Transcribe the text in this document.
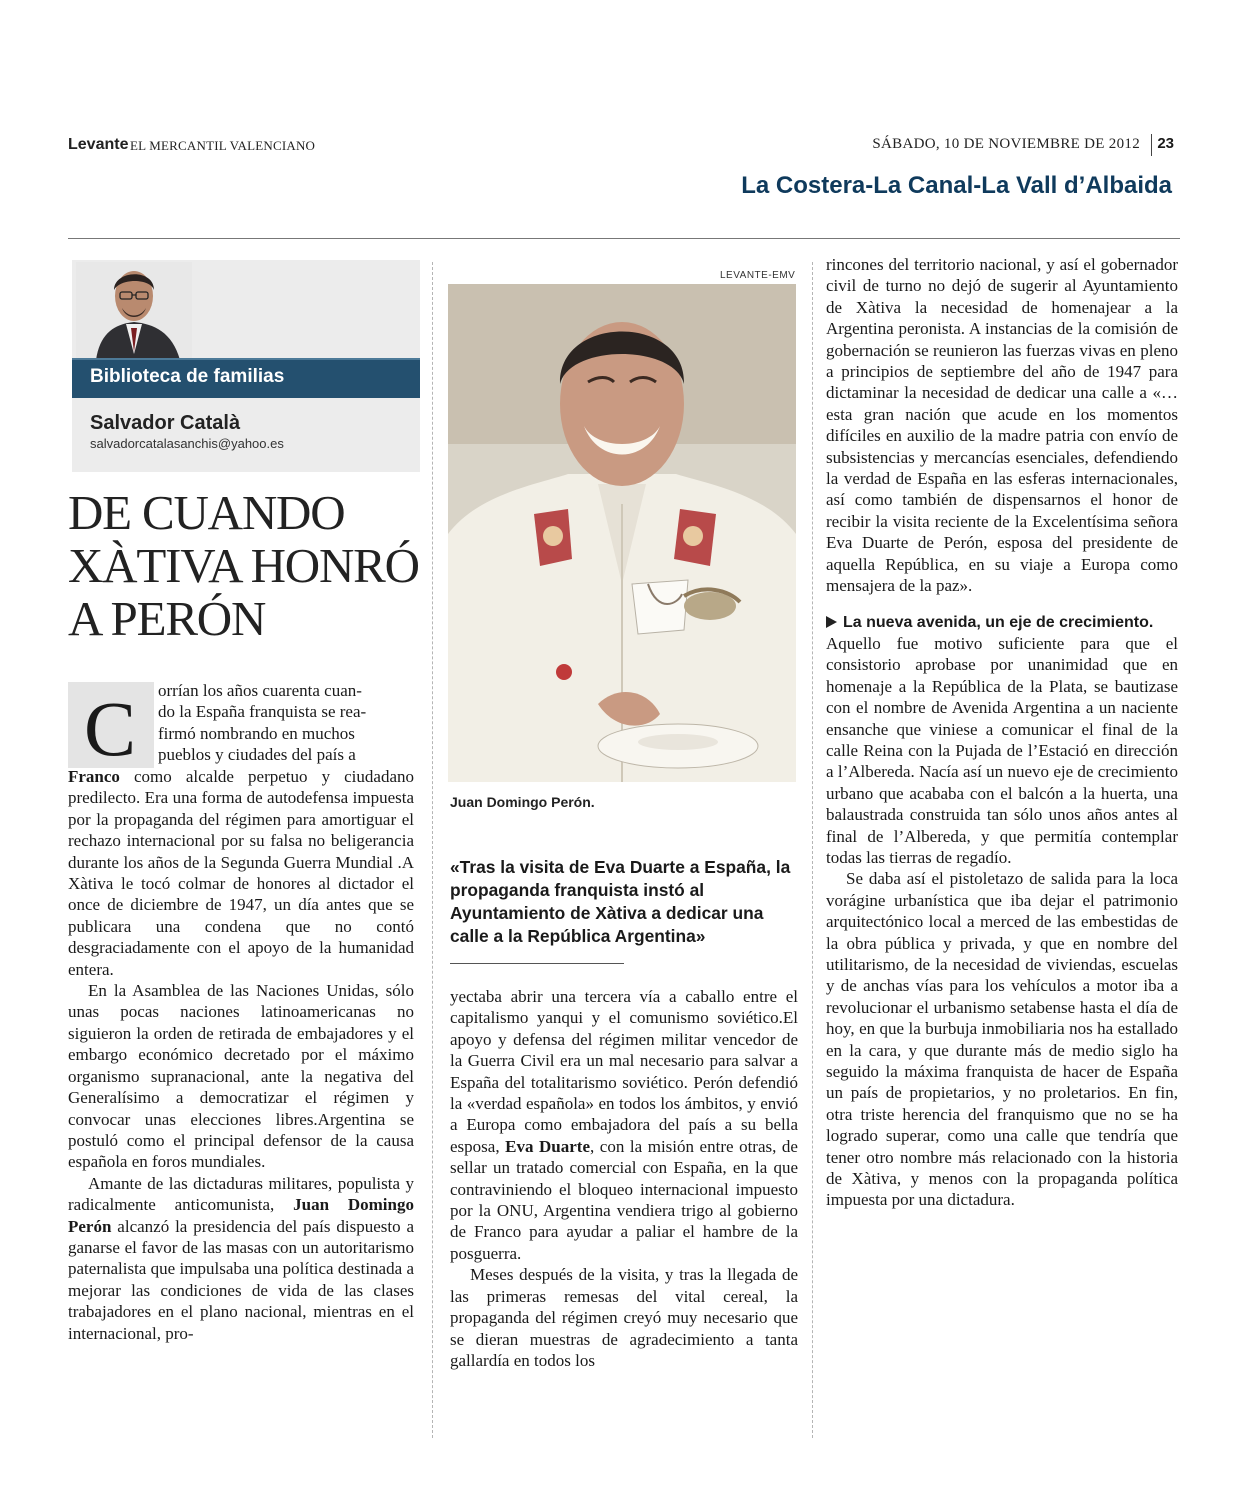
Levante EL MERCANTIL VALENCIANO	SÁBADO, 10 DE NOVIEMBRE DE 2012 23
La Costera-La Canal-La Vall d’Albaida
Biblioteca de familias
Salvador Català
salvadorcatalasanchis@yahoo.es
DE CUANDO
XÀTIVA HONRÓ
A PERÓN
C orrían los años cuarenta cuan-
do la España franquista se rea-
firmó nombrando en muchos
pueblos y ciudades del país a

Franco como alcalde perpetuo y ciudadano predilecto. Era una forma de autodefensa impuesta por la propaganda del régimen para amortiguar el rechazo internacional por su falsa no beligerancia durante los años de la Segunda Guerra Mundial .A Xàtiva le tocó colmar de honores al dictador el once de diciembre de 1947, un día antes que se publicara una condena que no contó desgraciadamente con el apoyo de la humanidad entera.

En la Asamblea de las Naciones Unidas, sólo unas pocas naciones latinoamericanas no siguieron la orden de retirada de embajadores y el embargo económico decretado por el máximo organismo supranacional, ante la negativa del Generalísimo a democratizar el régimen y convocar unas elecciones libres.Argentina se postuló como el principal defensor de la causa española en foros mundiales.

Amante de las dictaduras militares, populista y radicalmente anticomunista, Juan Domingo Perón alcanzó la presidencia del país dispuesto a ganarse el favor de las masas con un autoritarismo paternalista que impulsaba una política destinada a mejorar las condiciones de vida de las clases trabajadores en el plano nacional, mientras en el internacional, pro-

LEVANTE-EMV
Juan Domingo Perón.
«Tras la visita de Eva Duarte a España, la propaganda franquista instó al Ayuntamiento de Xàtiva a dedicar una calle a la República Argentina»

yectaba abrir una tercera vía a caballo entre el capitalismo yanqui y el comunismo soviético.El apoyo y defensa del régimen militar vencedor de la Guerra Civil era un mal necesario para salvar a España del totalitarismo soviético. Perón defendió la «verdad española» en todos los ámbitos, y envió a Europa como embajadora del país a su bella esposa, Eva Duarte, con la misión entre otras, de sellar un tratado comercial con España, en la que contraviniendo el bloqueo internacional impuesto por la ONU, Argentina vendiera trigo al gobierno de Franco para ayudar a paliar el hambre de la posguerra.

Meses después de la visita, y tras la llegada de las primeras remesas del vital cereal, la propaganda del régimen creyó muy necesario que se dieran muestras de agradecimiento a tanta gallardía en todos los

rincones del territorio nacional, y así el gobernador civil de turno no dejó de sugerir al Ayuntamiento de Xàtiva la necesidad de homenajear a la Argentina peronista. A instancias de la comisión de gobernación se reunieron las fuerzas vivas en pleno a principios de septiembre del año de 1947 para dictaminar la necesidad de dedicar una calle a «…esta gran nación que acude en los momentos difíciles en auxilio de la madre patria con envío de subsistencias y mercancías esenciales, defendiendo la verdad de España en las esferas internacionales, así como también de dispensarnos el honor de recibir la visita reciente de la Excelentísima señora Eva Duarte de Perón, esposa del presidente de aquella República, en su viaje a Europa como mensajera de la paz».

La nueva avenida, un eje de crecimiento.

Aquello fue motivo suficiente para que el consistorio aprobase por unanimidad que en homenaje a la República de la Plata, se bautizase con el nombre de Avenida Argentina a un naciente ensanche que viniese a comunicar el final de la calle Reina con la Pujada de l’Estació en dirección a l’Albereda. Nacía así un nuevo eje de crecimiento urbano que acababa con el balcón a la huerta, una balaustrada construida tan sólo unos años antes al final de l’Albereda, y que permitía contemplar todas las tierras de regadío.

Se daba así el pistoletazo de salida para la loca vorágine urbanística que iba dejar el patrimonio arquitectónico local a merced de las embestidas de la obra pública y privada, y que en nombre del utilitarismo, de la necesidad de viviendas, escuelas y de anchas vías para los vehículos a motor iba a revolucionar el urbanismo setabense hasta el día de hoy, en que la burbuja inmobiliaria nos ha estallado en la cara, y que durante más de medio siglo ha seguido la máxima franquista de hacer de España un país de propietarios, y no proletarios. En fin, otra triste herencia del franquismo que no se ha logrado superar, como una calle que tendría que tener otro nombre más relacionado con la historia de Xàtiva, y menos con la propaganda política impuesta por una dictadura.
